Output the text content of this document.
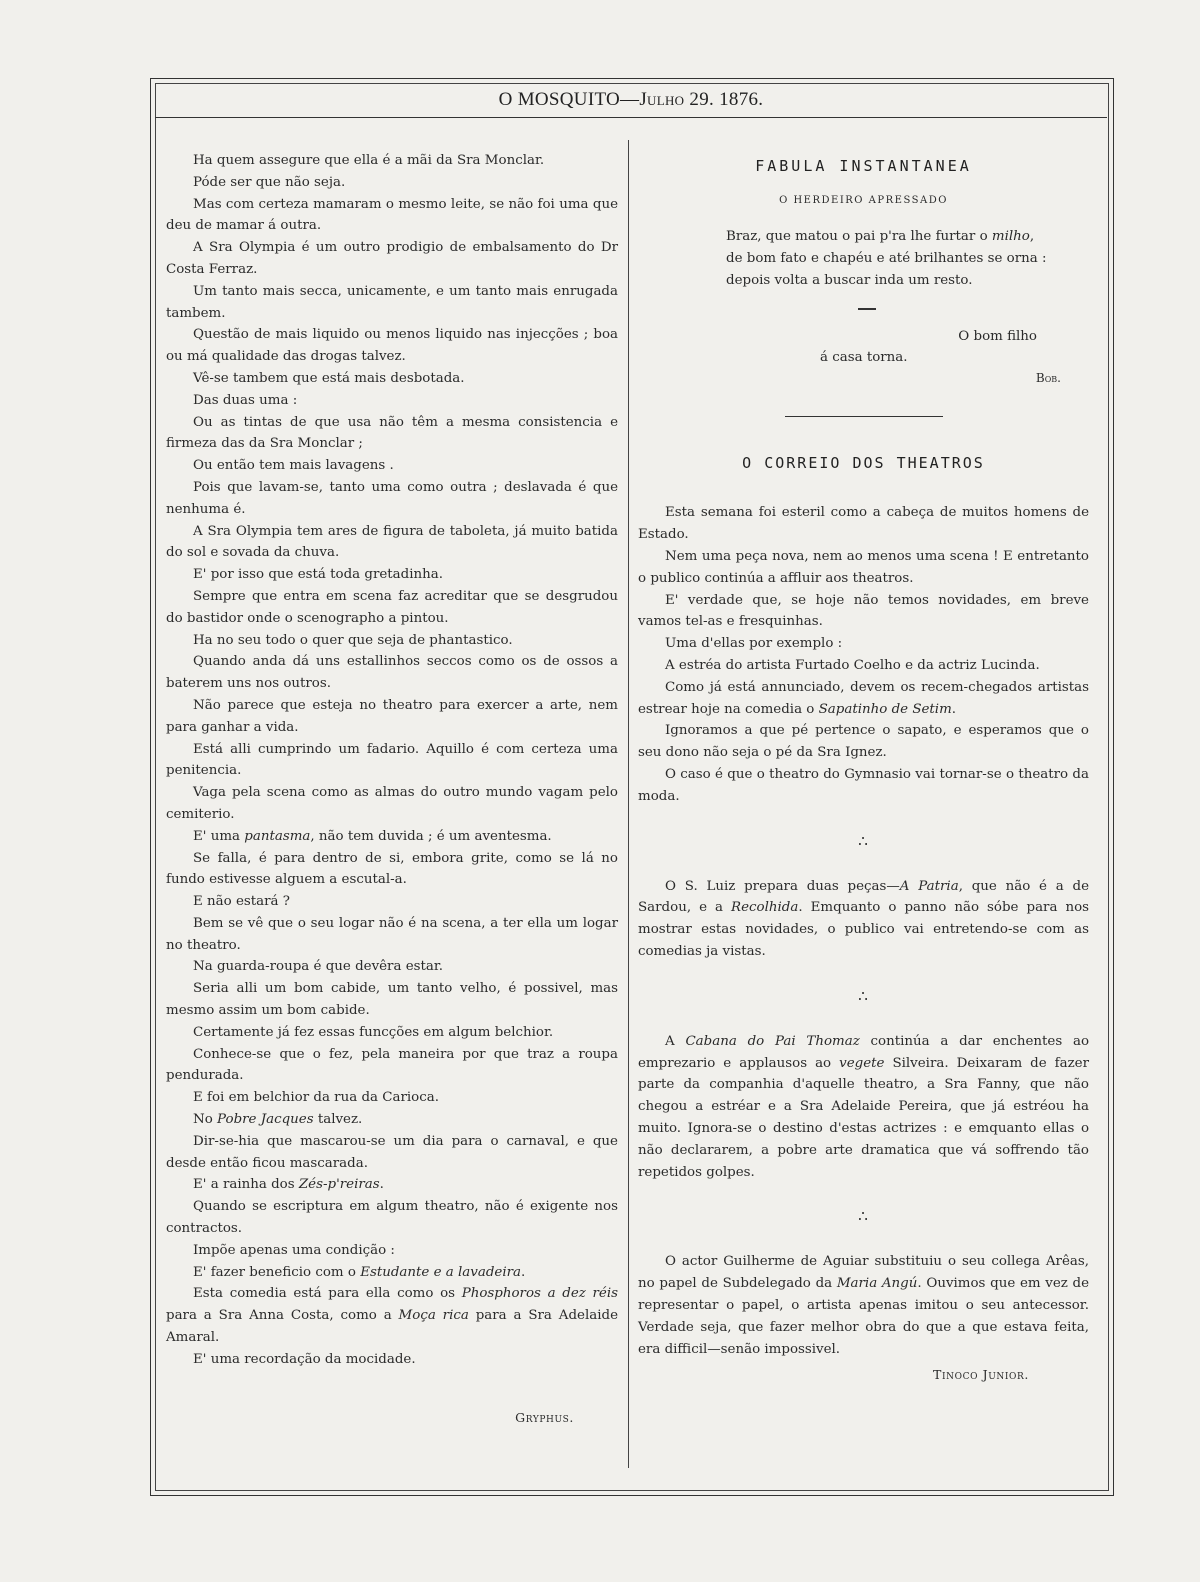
O MOSQUITO—Julho 29. 1876.

Ha quem assegure que ella é a mãi da Sra Monclar.

Póde ser que não seja.

Mas com certeza mamaram o mesmo leite, se não foi uma que deu de mamar á outra.

A Sra Olympia é um outro prodigio de embalsamento do Dr Costa Ferraz.

Um tanto mais secca, unicamente, e um tanto mais enrugada tambem.

Questão de mais liquido ou menos liquido nas injecções ; boa ou má qualidade das drogas talvez.

Vê-se tambem que está mais desbotada.

Das duas uma :

Ou as tintas de que usa não têm a mesma consistencia e firmeza das da Sra Monclar ;

Ou então tem mais lavagens .

Pois que lavam-se, tanto uma como outra ; deslavada é que nenhuma é.

A Sra Olympia tem ares de figura de taboleta, já muito batida do sol e sovada da chuva.

E' por isso que está toda gretadinha.

Sempre que entra em scena faz acreditar que se desgrudou do bastidor onde o scenographo a pintou.

Ha no seu todo o quer que seja de phantastico.

Quando anda dá uns estallinhos seccos como os de ossos a baterem uns nos outros.

Não parece que esteja no theatro para exercer a arte, nem para ganhar a vida.

Está alli cumprindo um fadario. Aquillo é com certeza uma penitencia.

Vaga pela scena como as almas do outro mundo vagam pelo cemiterio.

E' uma pantasma, não tem duvida ; é um aventesma.

Se falla, é para dentro de si, embora grite, como se lá no fundo estivesse alguem a escutal-a.

E não estará ?

Bem se vê que o seu logar não é na scena, a ter ella um logar no theatro.

Na guarda-roupa é que devêra estar.

Seria alli um bom cabide, um tanto velho, é possivel, mas mesmo assim um bom cabide.

Certamente já fez essas funcções em algum belchior.

Conhece-se que o fez, pela maneira por que traz a roupa pendurada.

E foi em belchior da rua da Carioca.

No Pobre Jacques talvez.

Dir-se-hia que mascarou-se um dia para o carnaval, e que desde então ficou mascarada.

E' a rainha dos Zés-p'reiras.

Quando se escriptura em algum theatro, não é exigente nos contractos.

Impõe apenas uma condição :

E' fazer beneficio com o Estudante e a lavadeira.

Esta comedia está para ella como os Phosphoros a dez réis para a Sra Anna Costa, como a Moça rica para a Sra Adelaide Amaral.

E' uma recordação da mocidade.

Gryphus.
FABULA INSTANTANEA
O HERDEIRO APRESSADO
Braz, que matou o pai p'ra lhe furtar o milho,
de bom fato e chapéu e até brilhantes se orna :
depois volta a buscar inda um resto.
O bom filho
á casa torna.
Bob.
O CORREIO DOS THEATROS

Esta semana foi esteril como a cabeça de muitos homens de Estado.

Nem uma peça nova, nem ao menos uma scena ! E entretanto o publico continúa a affluir aos theatros.

E' verdade que, se hoje não temos novidades, em breve vamos tel-as e fresquinhas.

Uma d'ellas por exemplo :

A estréa do artista Furtado Coelho e da actriz Lucinda.

Como já está annunciado, devem os recem-chegados artistas estrear hoje na comedia o Sapatinho de Setim.

Ignoramos a que pé pertence o sapato, e esperamos que o seu dono não seja o pé da Sra Ignez.

O caso é que o theatro do Gymnasio vai tornar-se o theatro da moda.

∴

O S. Luiz prepara duas peças—A Patria, que não é a de Sardou, e a Recolhida. Emquanto o panno não sóbe para nos mostrar estas novidades, o publico vai entretendo-se com as comedias ja vistas.

∴

A Cabana do Pai Thomaz continúa a dar enchentes ao emprezario e applausos ao vegete Silveira. Deixaram de fazer parte da companhia d'aquelle theatro, a Sra Fanny, que não chegou a estréar e a Sra Adelaide Pereira, que já estréou ha muito. Ignora-se o destino d'estas actrizes : e emquanto ellas o não declararem, a pobre arte dramatica que vá soffrendo tão repetidos golpes.

∴

O actor Guilherme de Aguiar substituiu o seu collega Arêas, no papel de Subdelegado da Maria Angú. Ouvimos que em vez de representar o papel, o artista apenas imitou o seu antecessor. Verdade seja, que fazer melhor obra do que a que estava feita, era difficil—senão impossivel.

Tinoco Junior.
